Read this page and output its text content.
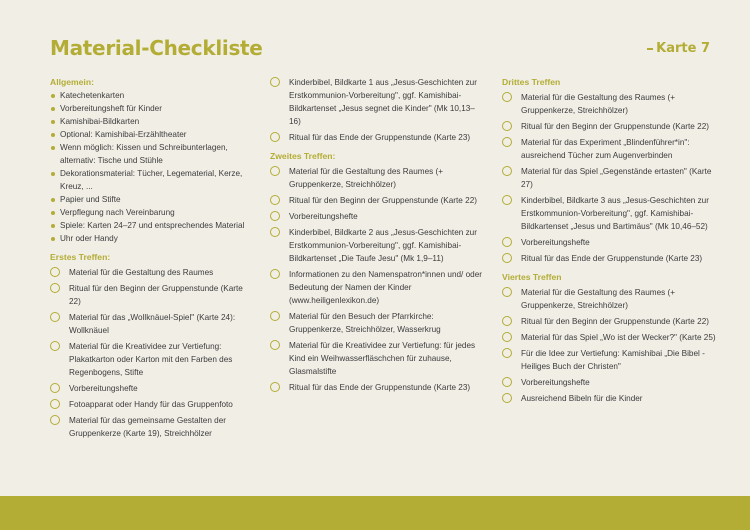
Material-Checkliste	Karte 7
Allgemein:
Katechetenkarten
Vorbereitungsheft für Kinder
Kamishibai-Bildkarten
Optional: Kamishibai-Erzähltheater
Wenn möglich: Kissen und Schreibunterlagen, alternativ: Tische und Stühle
Dekorationsmaterial: Tücher, Legematerial, Kerze, Kreuz, ...
Papier und Stifte
Verpflegung nach Vereinbarung
Spiele: Karten 24–27 und entsprechendes Material
Uhr oder Handy
Erstes Treffen:
Material für die Gestaltung des Raumes
Ritual für den Beginn der Gruppenstunde (Karte 22)
Material für das „Wollknäuel-Spiel" (Karte 24): Wollknäuel
Material für die Kreatividee zur Vertiefung: Plakatkarton oder Karton mit den Farben des Regenbogens, Stifte
Vorbereitungshefte
Fotoapparat oder Handy für das Gruppenfoto
Material für das gemeinsame Gestalten der Gruppenkerze (Karte 19), Streichhölzer
Kinderbibel, Bildkarte 1 aus „Jesus-Geschichten zur Erstkommunion-Vorbereitung", ggf. Kamishibai-Bildkartenset „Jesus segnet die Kinder" (Mk 10,13–16)
Ritual für das Ende der Gruppenstunde (Karte 23)
Zweites Treffen:
Material für die Gestaltung des Raumes (+ Gruppenkerze, Streichhölzer)
Ritual für den Beginn der Gruppenstunde (Karte 22)
Vorbereitungshefte
Kinderbibel, Bildkarte 2 aus „Jesus-Geschichten zur Erstkommunion-Vorbereitung", ggf. Kamishibai-Bildkartenset „Die Taufe Jesu" (Mk 1,9–11)
Informationen zu den Namenspatron*innen und/ oder Bedeutung der Namen der Kinder (www.heiligenlexikon.de)
Material für den Besuch der Pfarrkirche: Gruppenkerze, Streichhölzer, Wasserkrug
Material für die Kreatividee zur Vertiefung: für jedes Kind ein Weihwasserfläschchen für zuhause, Glasmalstifte
Ritual für das Ende der Gruppenstunde (Karte 23)
Drittes Treffen
Material für die Gestaltung des Raumes (+ Gruppenkerze, Streichhölzer)
Ritual für den Beginn der Gruppenstunde (Karte 22)
Material für das Experiment „Blindenführer*in": ausreichend Tücher zum Augenverbinden
Material für das Spiel „Gegenstände ertasten" (Karte 27)
Kinderbibel, Bildkarte 3 aus „Jesus-Geschichten zur Erstkommunion-Vorbereitung", ggf. Kamishibai-Bildkartenset „Jesus und Bartimäus" (Mk 10,46–52)
Vorbereitungshefte
Ritual für das Ende der Gruppenstunde (Karte 23)
Viertes Treffen
Material für die Gestaltung des Raumes (+ Gruppenkerze, Streichhölzer)
Ritual für den Beginn der Gruppenstunde (Karte 22)
Material für das Spiel „Wo ist der Wecker?" (Karte 25)
Für die Idee zur Vertiefung: Kamishibai „Die Bibel - Heiliges Buch der Christen"
Vorbereitungshefte
Ausreichend Bibeln für die Kinder
